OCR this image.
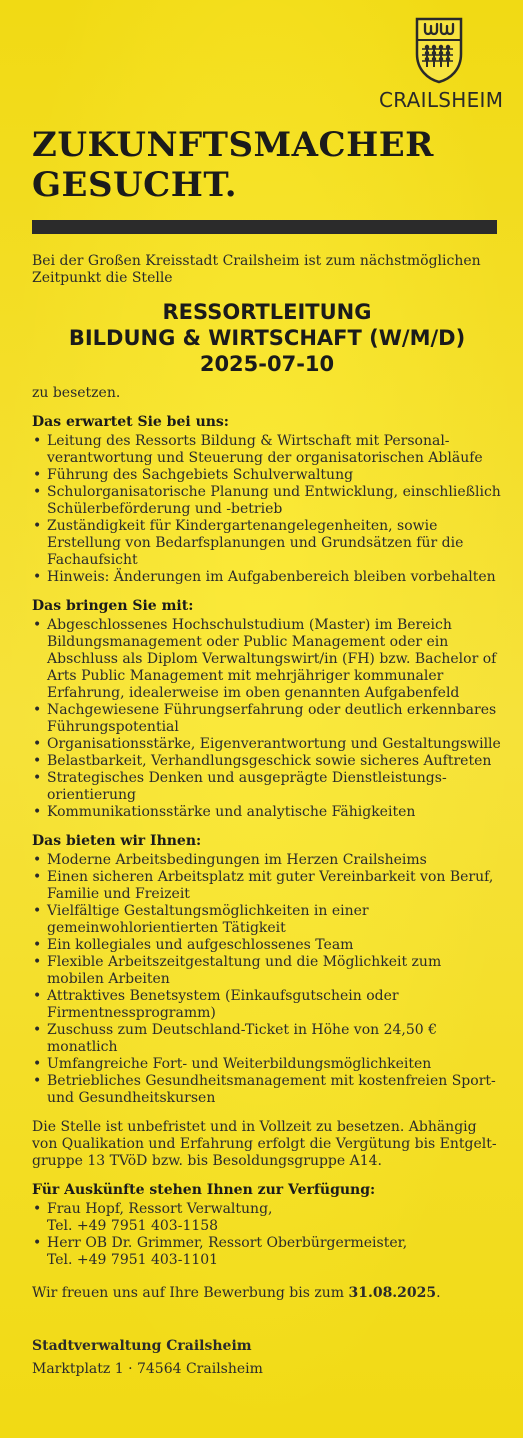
CRAILSHEIM
ZUKUNFTSMACHER
GESUCHT.

Bei der Großen Kreisstadt Crailsheim ist zum nächstmöglichen Zeitpunkt die Stelle

RESSORTLEITUNG
BILDUNG & WIRTSCHAFT (W/M/D)
2025-07-10
zu besetzen.
Das erwartet Sie bei uns:
• Leitung des Ressorts Bildung & Wirtschaft mit Personal- verantwortung und Steuerung der organisatorischen Abläufe
• Führung des Sachgebiets Schulverwaltung
• Schulorganisatorische Planung und Entwicklung, einschließlich Schülerbeförderung und -betrieb
• Zuständigkeit für Kindergartenangelegenheiten, sowie Erstellung von Bedarfsplanungen und Grundsätzen für die Fachaufsicht
• Hinweis: Änderungen im Aufgabenbereich bleiben vorbehalten
Das bringen Sie mit:
• Abgeschlossenes Hochschulstudium (Master) im Bereich Bildungsmanagement oder Public Management oder ein Abschluss als Diplom Verwaltungswirt/in (FH) bzw. Bachelor of Arts Public Management mit mehrjähriger kommunaler Erfahrung, idealerweise im oben genannten Aufgabenfeld
• Nachgewiesene Führungserfahrung oder deutlich erkennbares Führungspotential
• Organisationsstärke, Eigenverantwortung und Gestaltungswille
• Belastbarkeit, Verhandlungsgeschick sowie sicheres Auftreten
• Strategisches Denken und ausgeprägte Dienstleistungs- orientierung
• Kommunikationsstärke und analytische Fähigkeiten
Das bieten wir Ihnen:
• Moderne Arbeitsbedingungen im Herzen Crailsheims
• Einen sicheren Arbeitsplatz mit guter Vereinbarkeit von Beruf, Familie und Freizeit
• Vielfältige Gestaltungsmöglichkeiten in einer gemeinwohlorientierten Tätigkeit
• Ein kollegiales und aufgeschlossenes Team
• Flexible Arbeitszeitgestaltung und die Möglichkeit zum mobilen Arbeiten
• Attraktives Benetsystem (Einkaufsgutschein oder Firmentnessprogramm)
• Zuschuss zum Deutschland-Ticket in Höhe von 24,50 € monatlich
• Umfangreiche Fort- und Weiterbildungsmöglichkeiten
• Betriebliches Gesundheitsmanagement mit kostenfreien Sport- und Gesundheitskursen

Die Stelle ist unbefristet und in Vollzeit zu besetzen. Abhängig von Qualikation und Erfahrung erfolgt die Vergütung bis Entgelt- gruppe 13 TVöD bzw. bis Besoldungsgruppe A14.

Für Auskünfte stehen Ihnen zur Verfügung:
• Frau Hopf, Ressort Verwaltung,
Tel. +49 7951 403-1158
• Herr OB Dr. Grimmer, Ressort Oberbürgermeister,
Tel. +49 7951 403-1101

Wir freuen uns auf Ihre Bewerbung bis zum 31.08.2025.

Stadtverwaltung Crailsheim
Marktplatz 1 · 74564 Crailsheim
